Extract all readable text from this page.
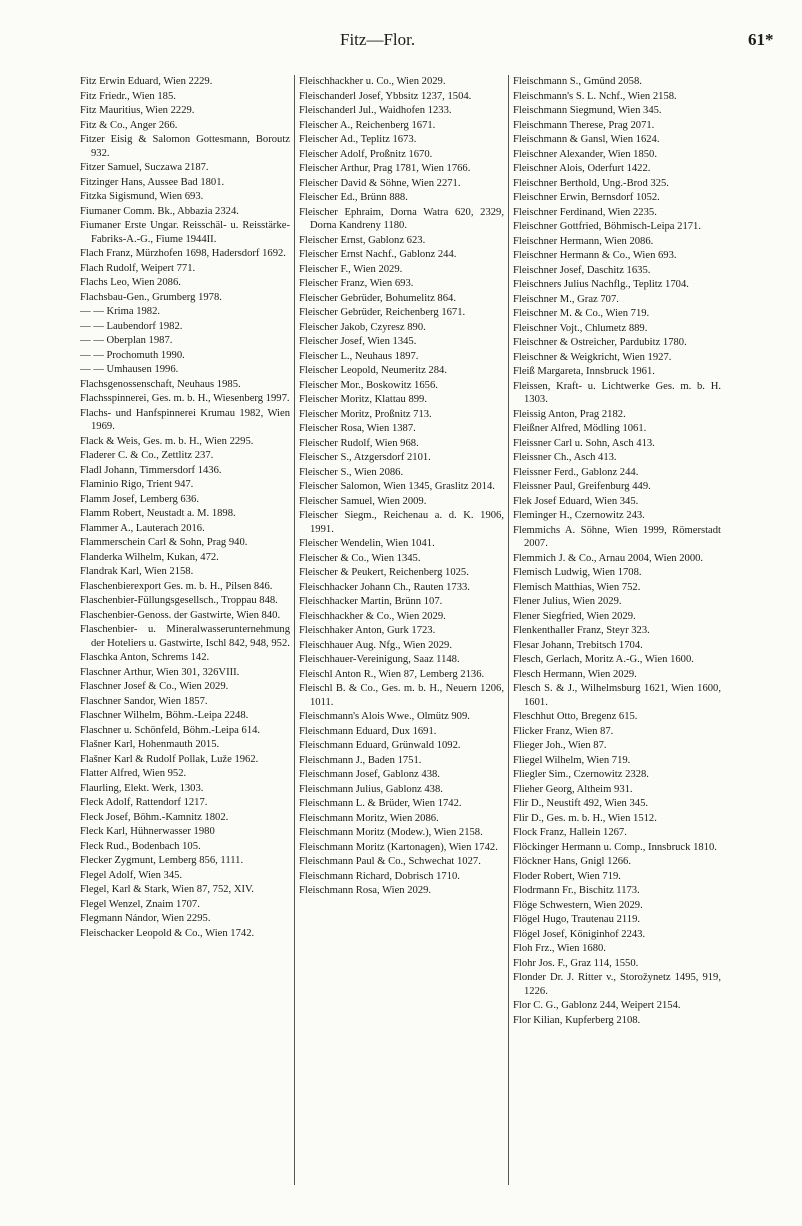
Fitz—Flor.	61*

Fitz Erwin Eduard, Wien 2229.

Fitz Friedr., Wien 185.

Fitz Mauritius, Wien 2229.

Fitz & Co., Anger 266.

Fitzer Eisig & Salomon Gottesmann, Boroutz 932.

Fitzer Samuel, Suczawa 2187.

Fitzinger Hans, Aussee Bad 1801.

Fitzka Sigismund, Wien 693.

Fiumaner Comm. Bk., Abbazia 2324.

Fiumaner Erste Ungar. Reisschäl- u. Reisstärke-Fabriks-A.-G., Fiume 1944II.

Flach Franz, Mürzhofen 1698, Hadersdorf 1692.

Flach Rudolf, Weipert 771.

Flachs Leo, Wien 2086.

Flachsbau-Gen., Grumberg 1978.

— — Krima 1982.

— — Laubendorf 1982.

— — Oberplan 1987.

— — Prochomuth 1990.

— — Umhausen 1996.

Flachsgenossenschaft, Neuhaus 1985.

Flachsspinnerei, Ges. m. b. H., Wiesenberg 1997.

Flachs- und Hanfspinnerei Krumau 1982, Wien 1969.

Flack & Weis, Ges. m. b. H., Wien 2295.

Fladerer C. & Co., Zettlitz 237.

Fladl Johann, Timmersdorf 1436.

Flaminio Rigo, Trient 947.

Flamm Josef, Lemberg 636.

Flamm Robert, Neustadt a. M. 1898.

Flammer A., Lauterach 2016.

Flammerschein Carl & Sohn, Prag 940.

Flanderka Wilhelm, Kukan, 472.

Flandrak Karl, Wien 2158.

Flaschenbierexport Ges. m. b. H., Pilsen 846.

Flaschenbier-Füllungsgesellsch., Troppau 848.

Flaschenbier-Genoss. der Gastwirte, Wien 840.

Flaschenbier- u. Mineralwasserunternehmung der Hoteliers u. Gastwirte, Ischl 842, 948, 952.

Flaschka Anton, Schrems 142.

Flaschner Arthur, Wien 301, 326VIII.

Flaschner Josef & Co., Wien 2029.

Flaschner Sandor, Wien 1857.

Flaschner Wilhelm, Böhm.-Leipa 2248.

Flaschner u. Schönfeld, Böhm.-Leipa 614.

Flašner Karl, Hohenmauth 2015.

Flašner Karl & Rudolf Pollak, Luže 1962.

Flatter Alfred, Wien 952.

Flaurling, Elekt. Werk, 1303.

Fleck Adolf, Rattendorf 1217.

Fleck Josef, Böhm.-Kamnitz 1802.

Fleck Karl, Hühnerwasser 1980

Fleck Rud., Bodenbach 105.

Flecker Zygmunt, Lemberg 856, 1111.

Flegel Adolf, Wien 345.

Flegel, Karl & Stark, Wien 87, 752, XIV.

Flegel Wenzel, Znaim 1707.

Flegmann Nándor, Wien 2295.

Fleischacker Leopold & Co., Wien 1742.

Fleischhackher u. Co., Wien 2029.

Fleischanderl Josef, Ybbsitz 1237, 1504.

Fleischanderl Jul., Waidhofen 1233.

Fleischer A., Reichenberg 1671.

Fleischer Ad., Teplitz 1673.

Fleischer Adolf, Proßnitz 1670.

Fleischer Arthur, Prag 1781, Wien 1766.

Fleischer David & Söhne, Wien 2271.

Fleischer Ed., Brünn 888.

Fleischer Ephraim, Dorna Watra 620, 2329, Dorna Kandreny 1180.

Fleischer Ernst, Gablonz 623.

Fleischer Ernst Nachf., Gablonz 244.

Fleischer F., Wien 2029.

Fleischer Franz, Wien 693.

Fleischer Gebrüder, Bohumelitz 864.

Fleischer Gebrüder, Reichenberg 1671.

Fleischer Jakob, Czyresz 890.

Fleischer Josef, Wien 1345.

Fleischer L., Neuhaus 1897.

Fleischer Leopold, Neumeritz 284.

Fleischer Mor., Boskowitz 1656.

Fleischer Moritz, Klattau 899.

Fleischer Moritz, Proßnitz 713.

Fleischer Rosa, Wien 1387.

Fleischer Rudolf, Wien 968.

Fleischer S., Atzgersdorf 2101.

Fleischer S., Wien 2086.

Fleischer Salomon, Wien 1345, Graslitz 2014.

Fleischer Samuel, Wien 2009.

Fleischer Siegm., Reichenau a. d. K. 1906, 1991.

Fleischer Wendelin, Wien 1041.

Fleischer & Co., Wien 1345.

Fleischer & Peukert, Reichenberg 1025.

Fleischhacker Johann Ch., Rauten 1733.

Fleischhacker Martin, Brünn 107.

Fleischhackher & Co., Wien 2029.

Fleischhaker Anton, Gurk 1723.

Fleischhauer Aug. Nfg., Wien 2029.

Fleischhauer-Vereinigung, Saaz 1148.

Fleischl Anton R., Wien 87, Lemberg 2136.

Fleischl B. & Co., Ges. m. b. H., Neuern 1206, 1011.

Fleischmann's Alois Wwe., Olmütz 909.

Fleischmann Eduard, Dux 1691.

Fleischmann Eduard, Grünwald 1092.

Fleischmann J., Baden 1751.

Fleischmann Josef, Gablonz 438.

Fleischmann Julius, Gablonz 438.

Fleischmann L. & Brüder, Wien 1742.

Fleischmann Moritz, Wien 2086.

Fleischmann Moritz (Modew.), Wien 2158.

Fleischmann Moritz (Kartonagen), Wien 1742.

Fleischmann Paul & Co., Schwechat 1027.

Fleischmann Richard, Dobrisch 1710.

Fleischmann Rosa, Wien 2029.

Fleischmann S., Gmünd 2058.

Fleischmann's S. L. Nchf., Wien 2158.

Fleischmann Siegmund, Wien 345.

Fleischmann Therese, Prag 2071.

Fleischmann & Gansl, Wien 1624.

Fleischner Alexander, Wien 1850.

Fleischner Alois, Oderfurt 1422.

Fleischner Berthold, Ung.-Brod 325.

Fleischner Erwin, Bernsdorf 1052.

Fleischner Ferdinand, Wien 2235.

Fleischner Gottfried, Böhmisch-Leipa 2171.

Fleischner Hermann, Wien 2086.

Fleischner Hermann & Co., Wien 693.

Fleischner Josef, Daschitz 1635.

Fleischners Julius Nachflg., Teplitz 1704.

Fleischner M., Graz 707.

Fleischner M. & Co., Wien 719.

Fleischner Vojt., Chlumetz 889.

Fleischner & Ostreicher, Pardubitz 1780.

Fleischner & Weigkricht, Wien 1927.

Fleiß Margareta, Innsbruck 1961.

Fleissen, Kraft- u. Lichtwerke Ges. m. b. H. 1303.

Fleissig Anton, Prag 2182.

Fleißner Alfred, Mödling 1061.

Fleissner Carl u. Sohn, Asch 413.

Fleissner Ch., Asch 413.

Fleissner Ferd., Gablonz 244.

Fleissner Paul, Greifenburg 449.

Flek Josef Eduard, Wien 345.

Fleminger H., Czernowitz 243.

Flemmichs A. Söhne, Wien 1999, Römerstadt 2007.

Flemmich J. & Co., Arnau 2004, Wien 2000.

Flemisch Ludwig, Wien 1708.

Flemisch Matthias, Wien 752.

Flener Julius, Wien 2029.

Flener Siegfried, Wien 2029.

Flenkenthaller Franz, Steyr 323.

Flesar Johann, Trebitsch 1704.

Flesch, Gerlach, Moritz A.-G., Wien 1600.

Flesch Hermann, Wien 2029.

Flesch S. & J., Wilhelmsburg 1621, Wien 1600, 1601.

Fleschhut Otto, Bregenz 615.

Flicker Franz, Wien 87.

Flieger Joh., Wien 87.

Fliegel Wilhelm, Wien 719.

Fliegler Sim., Czernowitz 2328.

Flieher Georg, Altheim 931.

Flir D., Neustift 492, Wien 345.

Flir D., Ges. m. b. H., Wien 1512.

Flock Franz, Hallein 1267.

Flöckinger Hermann u. Comp., Innsbruck 1810.

Flöckner Hans, Gnigl 1266.

Floder Robert, Wien 719.

Flodrmann Fr., Bischitz 1173.

Flöge Schwestern, Wien 2029.

Flögel Hugo, Trautenau 2119.

Flögel Josef, Königinhof 2243.

Floh Frz., Wien 1680.

Flohr Jos. F., Graz 114, 1550.

Flonder Dr. J. Ritter v., Storožynetz 1495, 919, 1226.

Flor C. G., Gablonz 244, Weipert 2154.

Flor Kilian, Kupferberg 2108.
